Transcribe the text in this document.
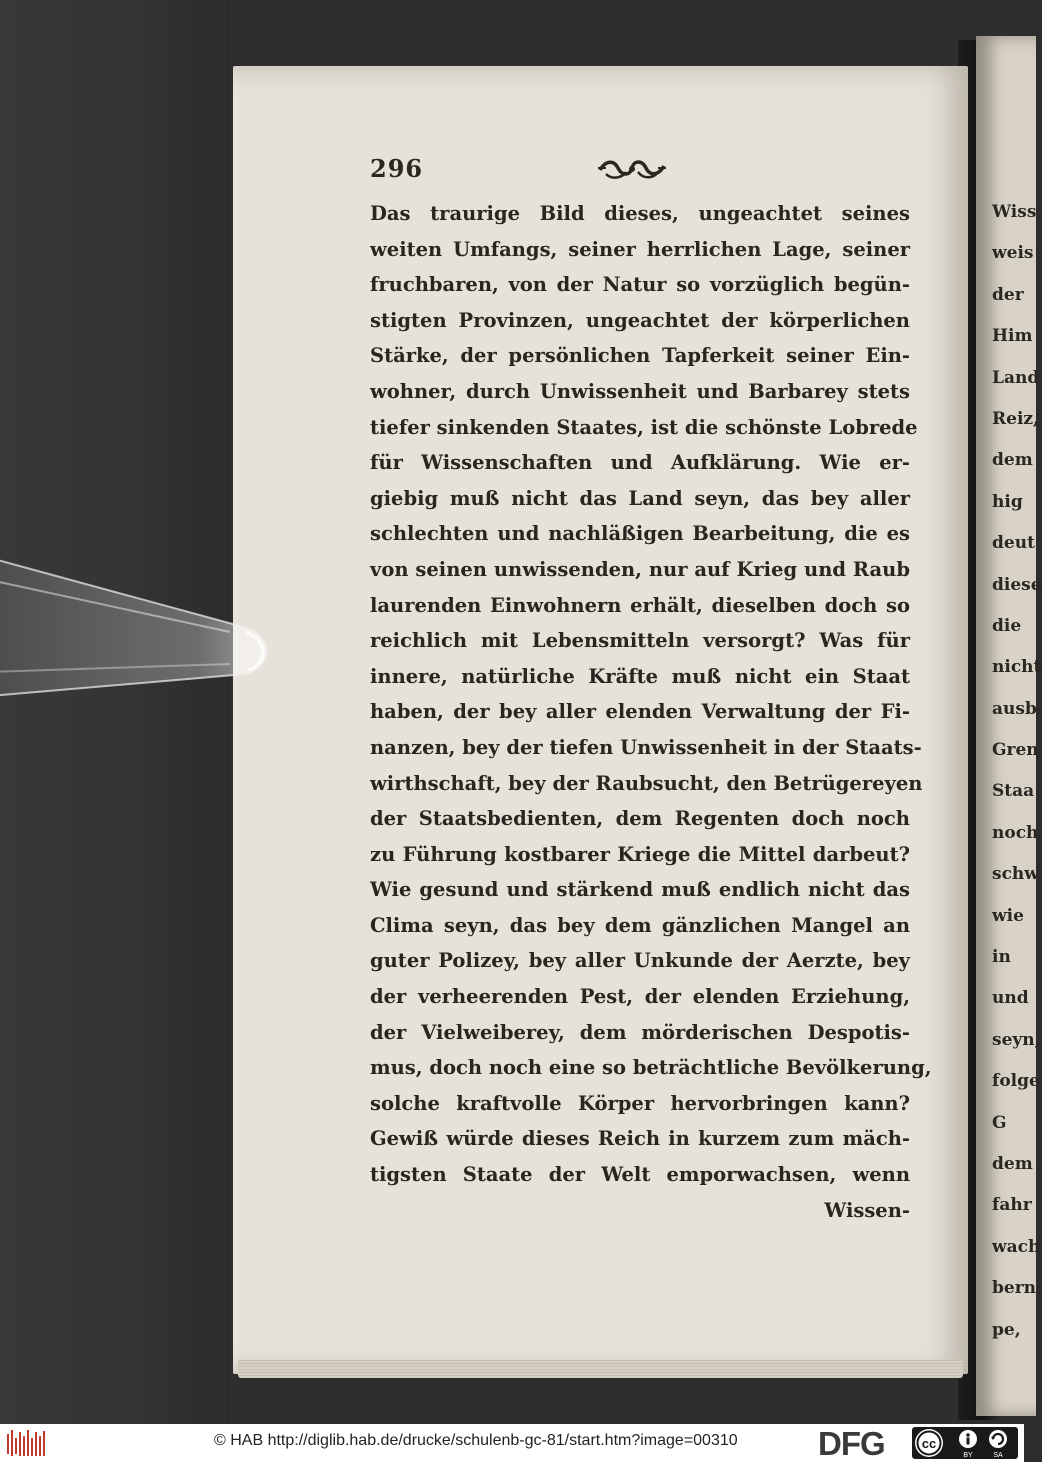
Wiss
weis
der
Him
Land
Reiz,
dem
hig
deut
diese
die
nicht
ausb
Gren
Staa
noch
schw
wie
in
und
seyn,
folge
G
dem
fahr
wach
bern,
pe,
296
Das traurige Bild dieses, ungeachtet seines
weiten Umfangs, seiner herrlichen Lage, seiner
fruchbaren, von der Natur so vorzüglich begün-
stigten Provinzen, ungeachtet der körperlichen
Stärke, der persönlichen Tapferkeit seiner Ein-
wohner, durch Unwissenheit und Barbarey stets
tiefer sinkenden Staates, ist die schönste Lobrede
für Wissenschaften und Aufklärung. Wie er-
giebig muß nicht das Land seyn, das bey aller
schlechten und nachläßigen Bearbeitung, die es
von seinen unwissenden, nur auf Krieg und Raub
laurenden Einwohnern erhält, dieselben doch so
reichlich mit Lebensmitteln versorgt? Was für
innere, natürliche Kräfte muß nicht ein Staat
haben, der bey aller elenden Verwaltung der Fi-
nanzen, bey der tiefen Unwissenheit in der Staats-
wirthschaft, bey der Raubsucht, den Betrügereyen
der Staatsbedienten, dem Regenten doch noch
zu Führung kostbarer Kriege die Mittel darbeut?
Wie gesund und stärkend muß endlich nicht das
Clima seyn, das bey dem gänzlichen Mangel an
guter Polizey, bey aller Unkunde der Aerzte, bey
der verheerenden Pest, der elenden Erziehung,
der Vielweiberey, dem mörderischen Despotis-
mus, doch noch eine so beträchtliche Bevölkerung,
solche kraftvolle Körper hervorbringen kann?
Gewiß würde dieses Reich in kurzem zum mäch-
tigsten Staate der Welt emporwachsen, wenn
Wissen-
© HAB http://diglib.hab.de/drucke/schulenb-gc-81/start.htm?image=00310 DFG	cc
BY	SA
